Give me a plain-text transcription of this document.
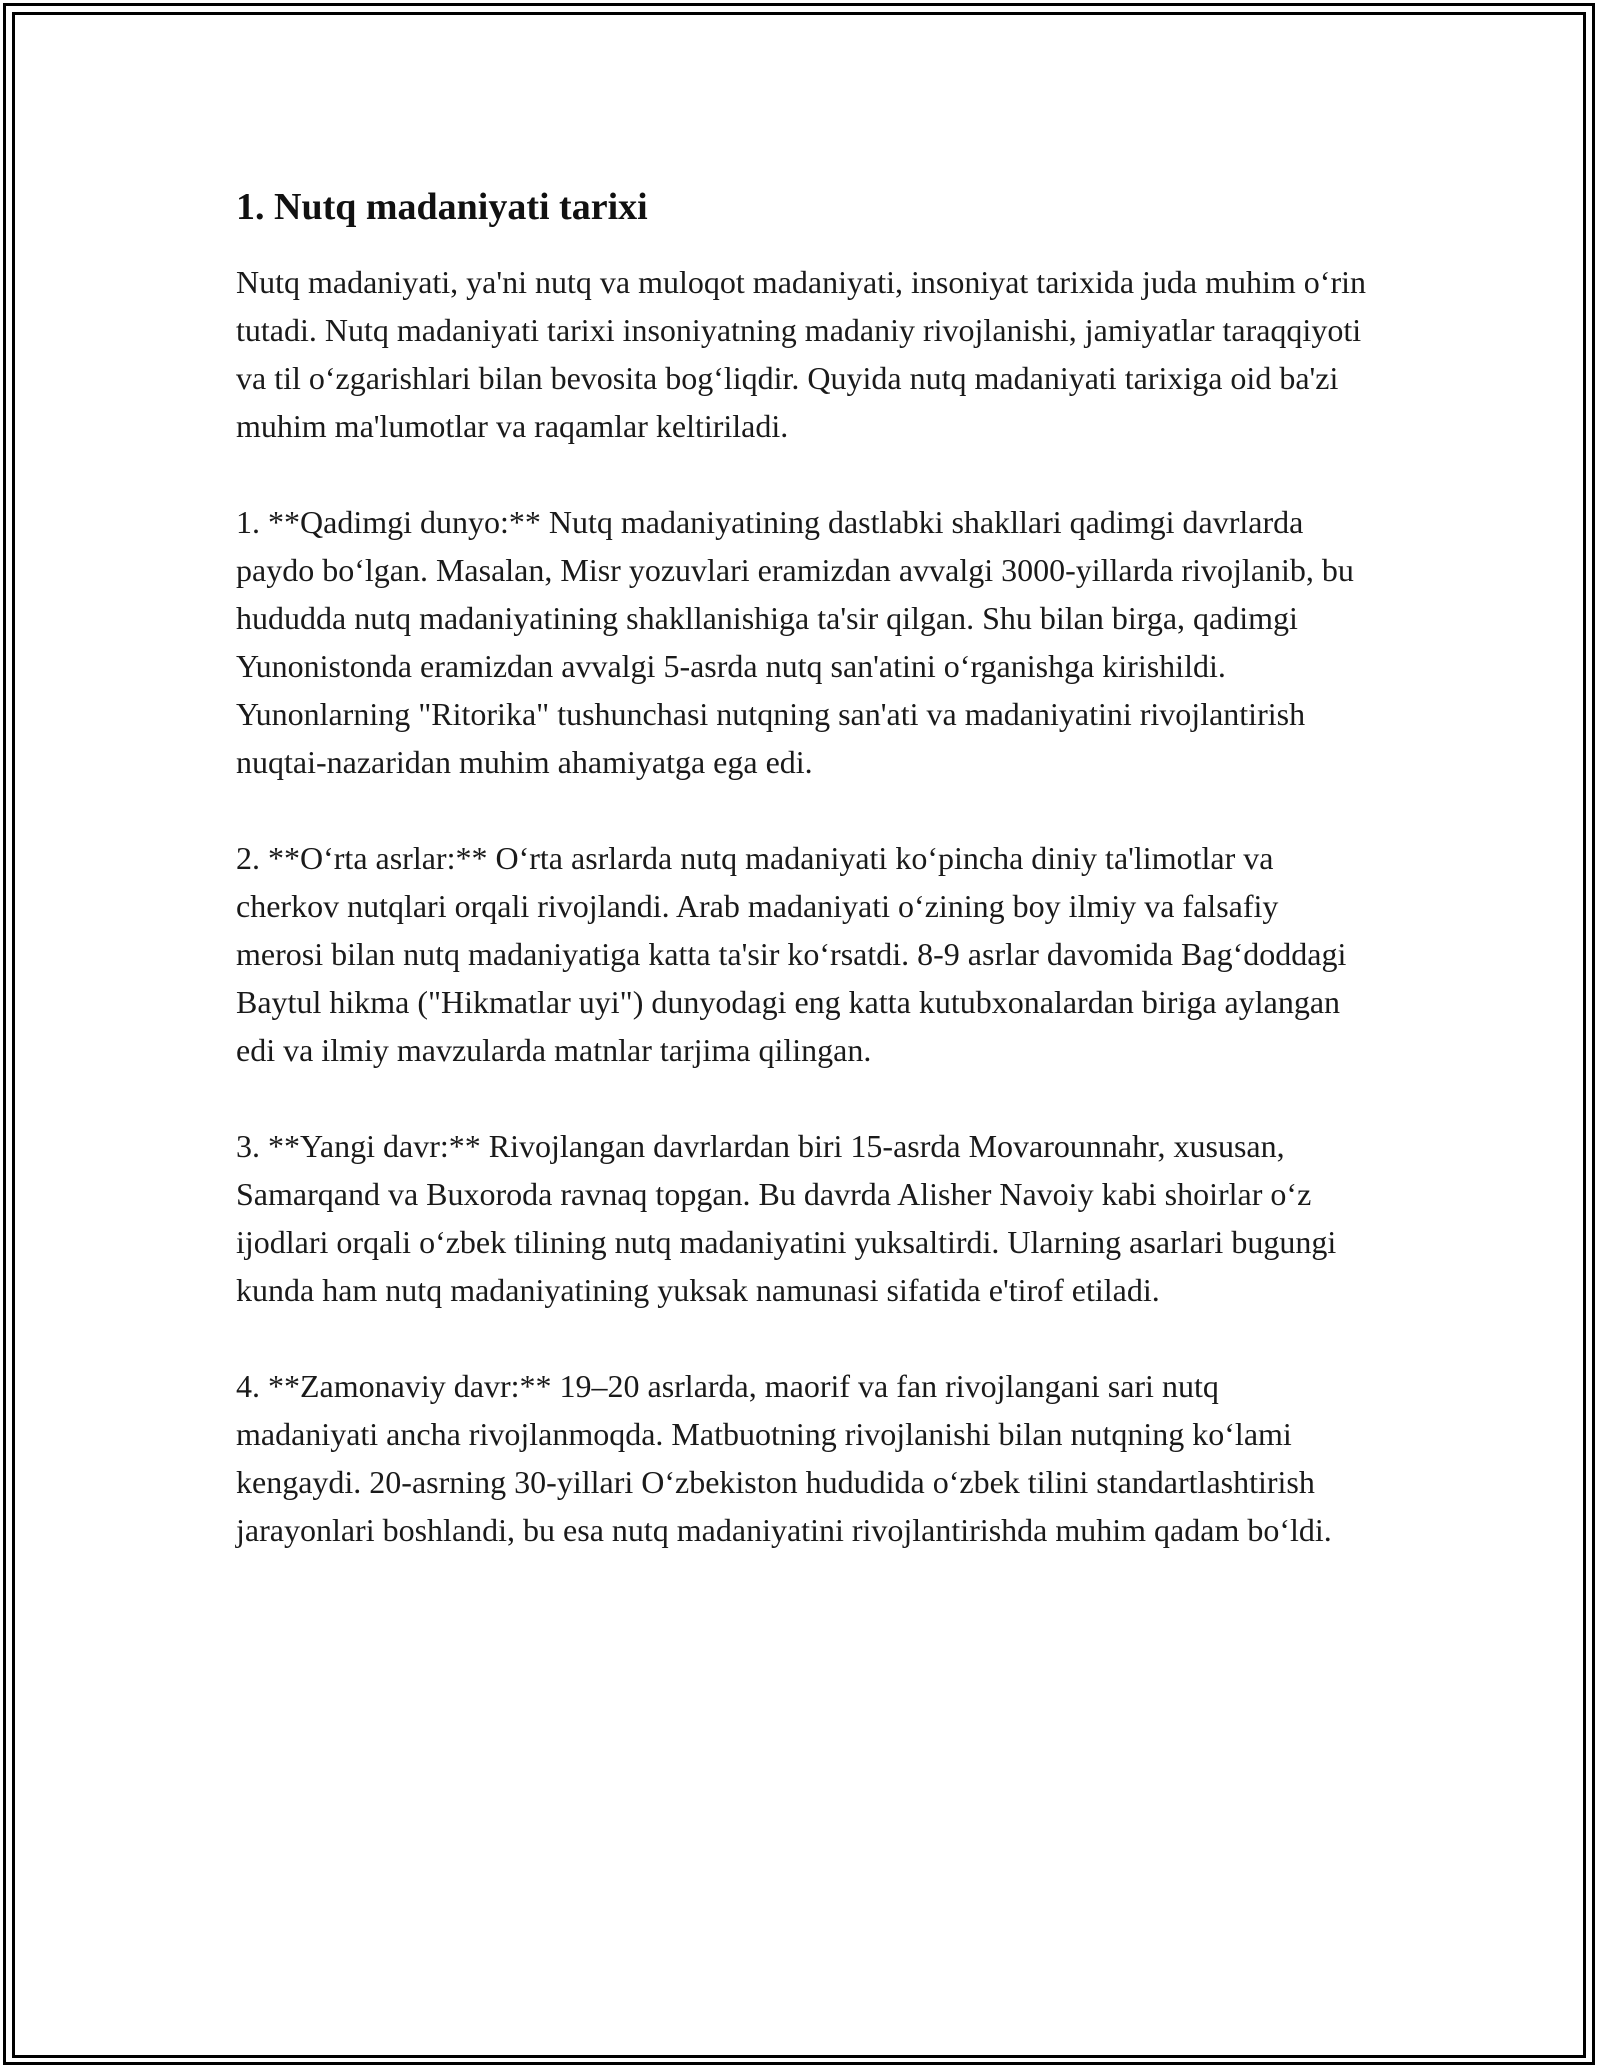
1. Nutq madaniyati tarixi

Nutq madaniyati, ya'ni nutq va muloqot madaniyati, insoniyat tarixida juda muhim o‘rin tutadi. Nutq madaniyati tarixi insoniyatning madaniy rivojlanishi, jamiyatlar taraqqiyoti va til o‘zgarishlari bilan bevosita bog‘liqdir. Quyida nutq madaniyati tarixiga oid ba'zi muhim ma'lumotlar va raqamlar keltiriladi.

1. **Qadimgi dunyo:** Nutq madaniyatining dastlabki shakllari qadimgi davrlarda paydo bo‘lgan. Masalan, Misr yozuvlari eramizdan avvalgi 3000-yillarda rivojlanib, bu hududda nutq madaniyatining shakllanishiga ta'sir qilgan. Shu bilan birga, qadimgi Yunonistonda eramizdan avvalgi 5-asrda nutq san'atini o‘rganishga kirishildi. Yunonlarning "Ritorika" tushunchasi nutqning san'ati va madaniyatini rivojlantirish nuqtai-nazaridan muhim ahamiyatga ega edi.

2. **O‘rta asrlar:** O‘rta asrlarda nutq madaniyati ko‘pincha diniy ta'limotlar va cherkov nutqlari orqali rivojlandi. Arab madaniyati o‘zining boy ilmiy va falsafiy merosi bilan nutq madaniyatiga katta ta'sir ko‘rsatdi. 8-9 asrlar davomida Bag‘doddagi Baytul hikma ("Hikmatlar uyi") dunyodagi eng katta kutubxonalardan biriga aylangan edi va ilmiy mavzularda matnlar tarjima qilingan.

3. **Yangi davr:** Rivojlangan davrlardan biri 15-asrda Movarounnahr, xususan, Samarqand va Buxoroda ravnaq topgan. Bu davrda Alisher Navoiy kabi shoirlar o‘z ijodlari orqali o‘zbek tilining nutq madaniyatini yuksaltirdi. Ularning asarlari bugungi kunda ham nutq madaniyatining yuksak namunasi sifatida e'tirof etiladi.

4. **Zamonaviy davr:** 19–20 asrlarda, maorif va fan rivojlangani sari nutq madaniyati ancha rivojlanmoqda. Matbuotning rivojlanishi bilan nutqning ko‘lami kengaydi. 20-asrning 30-yillari O‘zbekiston hududida o‘zbek tilini standartlashtirish jarayonlari boshlandi, bu esa nutq madaniyatini rivojlantirishda muhim qadam bo‘ldi.
